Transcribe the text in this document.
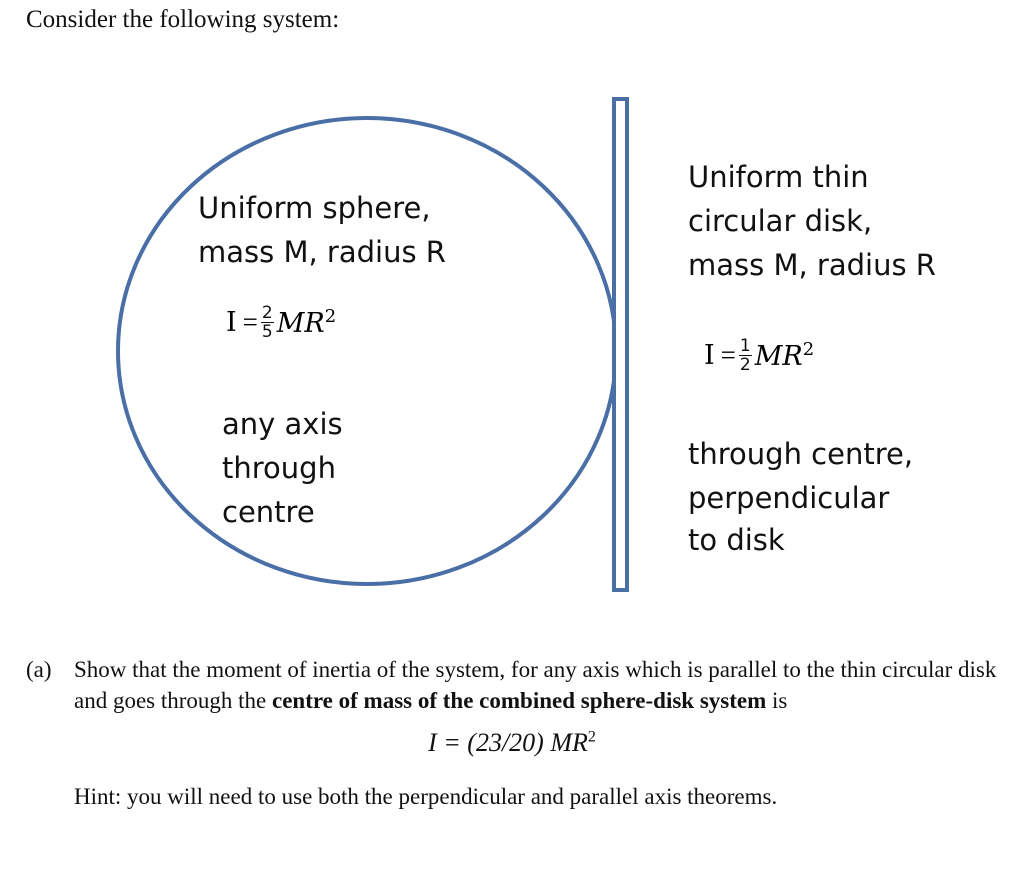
Consider the following system:
Uniform sphere,
mass M, radius R
$I = \frac{2}{5} MR^2$
any axis
through
centre
Uniform thin
circular disk,
mass M, radius R
$I = \frac{1}{2} MR^2$
through centre,
perpendicular
to disk
(a) Show that the moment of inertia of the system, for any axis which is parallel to the thin circular disk and goes through the centre of mass of the combined sphere-disk system is
I = (23/20) $MR^2$
Hint: you will need to use both the perpendicular and parallel axis theorems.
